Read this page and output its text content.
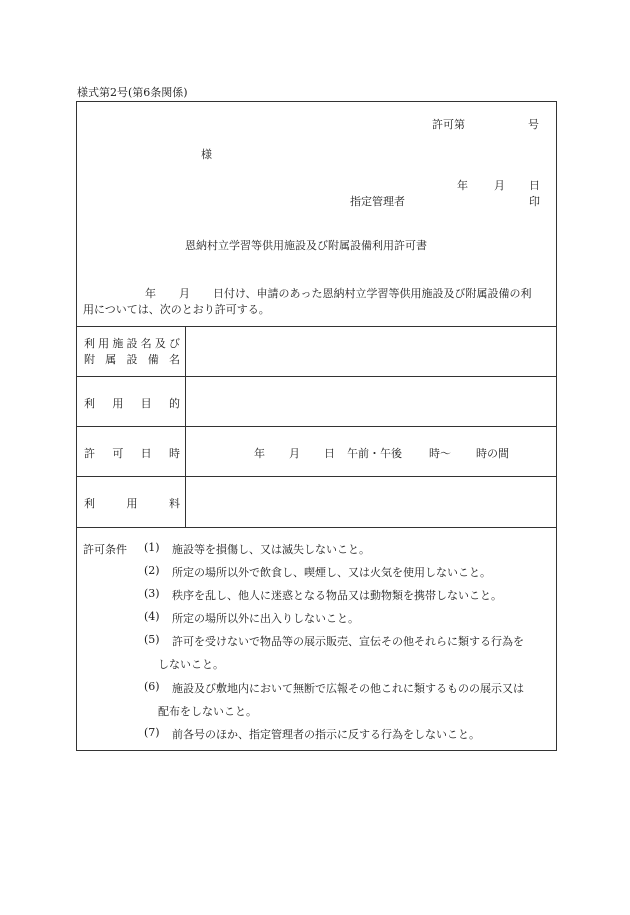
様式第2号(第6条関係)
許可第	号
様
年 月 日
指定管理者	印
恩納村立学習等供用施設及び附属設備利用許可書
年 月 日付け、申請のあった恩納村立学習等供用施設及び附属設備の利
用については、次のとおり許可する。
利用施設名及び
附属設備名
利用目的
許可日時
利用料
年 月 日 午前・午後 時〜 時の間
許可条件 (1) 施設等を損傷し、又は滅失しないこと。
(2) 所定の場所以外で飲食し、喫煙し、又は火気を使用しないこと。
(3) 秩序を乱し、他人に迷惑となる物品又は動物類を携帯しないこと。
(4) 所定の場所以外に出入りしないこと。
(5) 許可を受けないで物品等の展示販売、宣伝その他それらに類する行為を
しないこと。
(6) 施設及び敷地内において無断で広報その他これに類するものの展示又は
配布をしないこと。
(7) 前各号のほか、指定管理者の指示に反する行為をしないこと。
